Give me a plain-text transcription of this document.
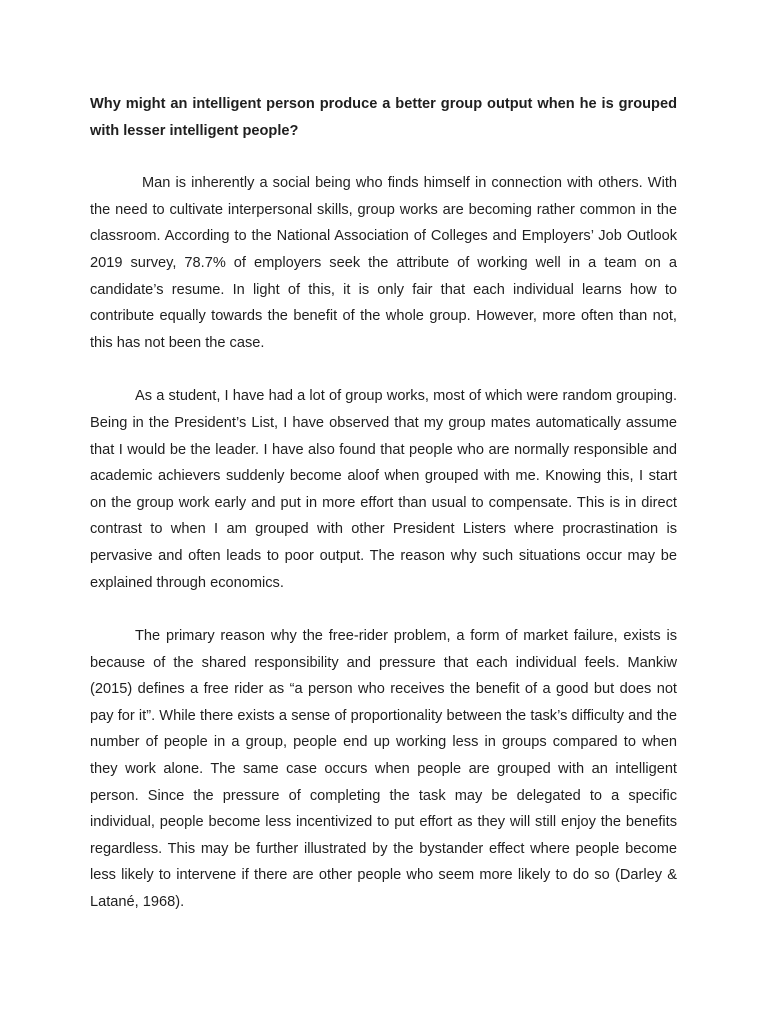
Why might an intelligent person produce a better group output when he is grouped with lesser intelligent people?

Man is inherently a social being who finds himself in connection with others. With the need to cultivate interpersonal skills, group works are becoming rather common in the classroom. According to the National Association of Colleges and Employers’ Job Outlook 2019 survey, 78.7% of employers seek the attribute of working well in a team on a candidate’s resume. In light of this, it is only fair that each individual learns how to contribute equally towards the benefit of the whole group. However, more often than not, this has not been the case.

As a student, I have had a lot of group works, most of which were random grouping. Being in the President’s List, I have observed that my group mates automatically assume that I would be the leader. I have also found that people who are normally responsible and academic achievers suddenly become aloof when grouped with me. Knowing this, I start on the group work early and put in more effort than usual to compensate. This is in direct contrast to when I am grouped with other President Listers where procrastination is pervasive and often leads to poor output. The reason why such situations occur may be explained through economics.

The primary reason why the free-rider problem, a form of market failure, exists is because of the shared responsibility and pressure that each individual feels. Mankiw (2015) defines a free rider as “a person who receives the benefit of a good but does not pay for it”. While there exists a sense of proportionality between the task’s difficulty and the number of people in a group, people end up working less in groups compared to when they work alone. The same case occurs when people are grouped with an intelligent person. Since the pressure of completing the task may be delegated to a specific individual, people become less incentivized to put effort as they will still enjoy the benefits regardless. This may be further illustrated by the bystander effect where people become less likely to intervene if there are other people who seem more likely to do so (Darley & Latané, 1968).
